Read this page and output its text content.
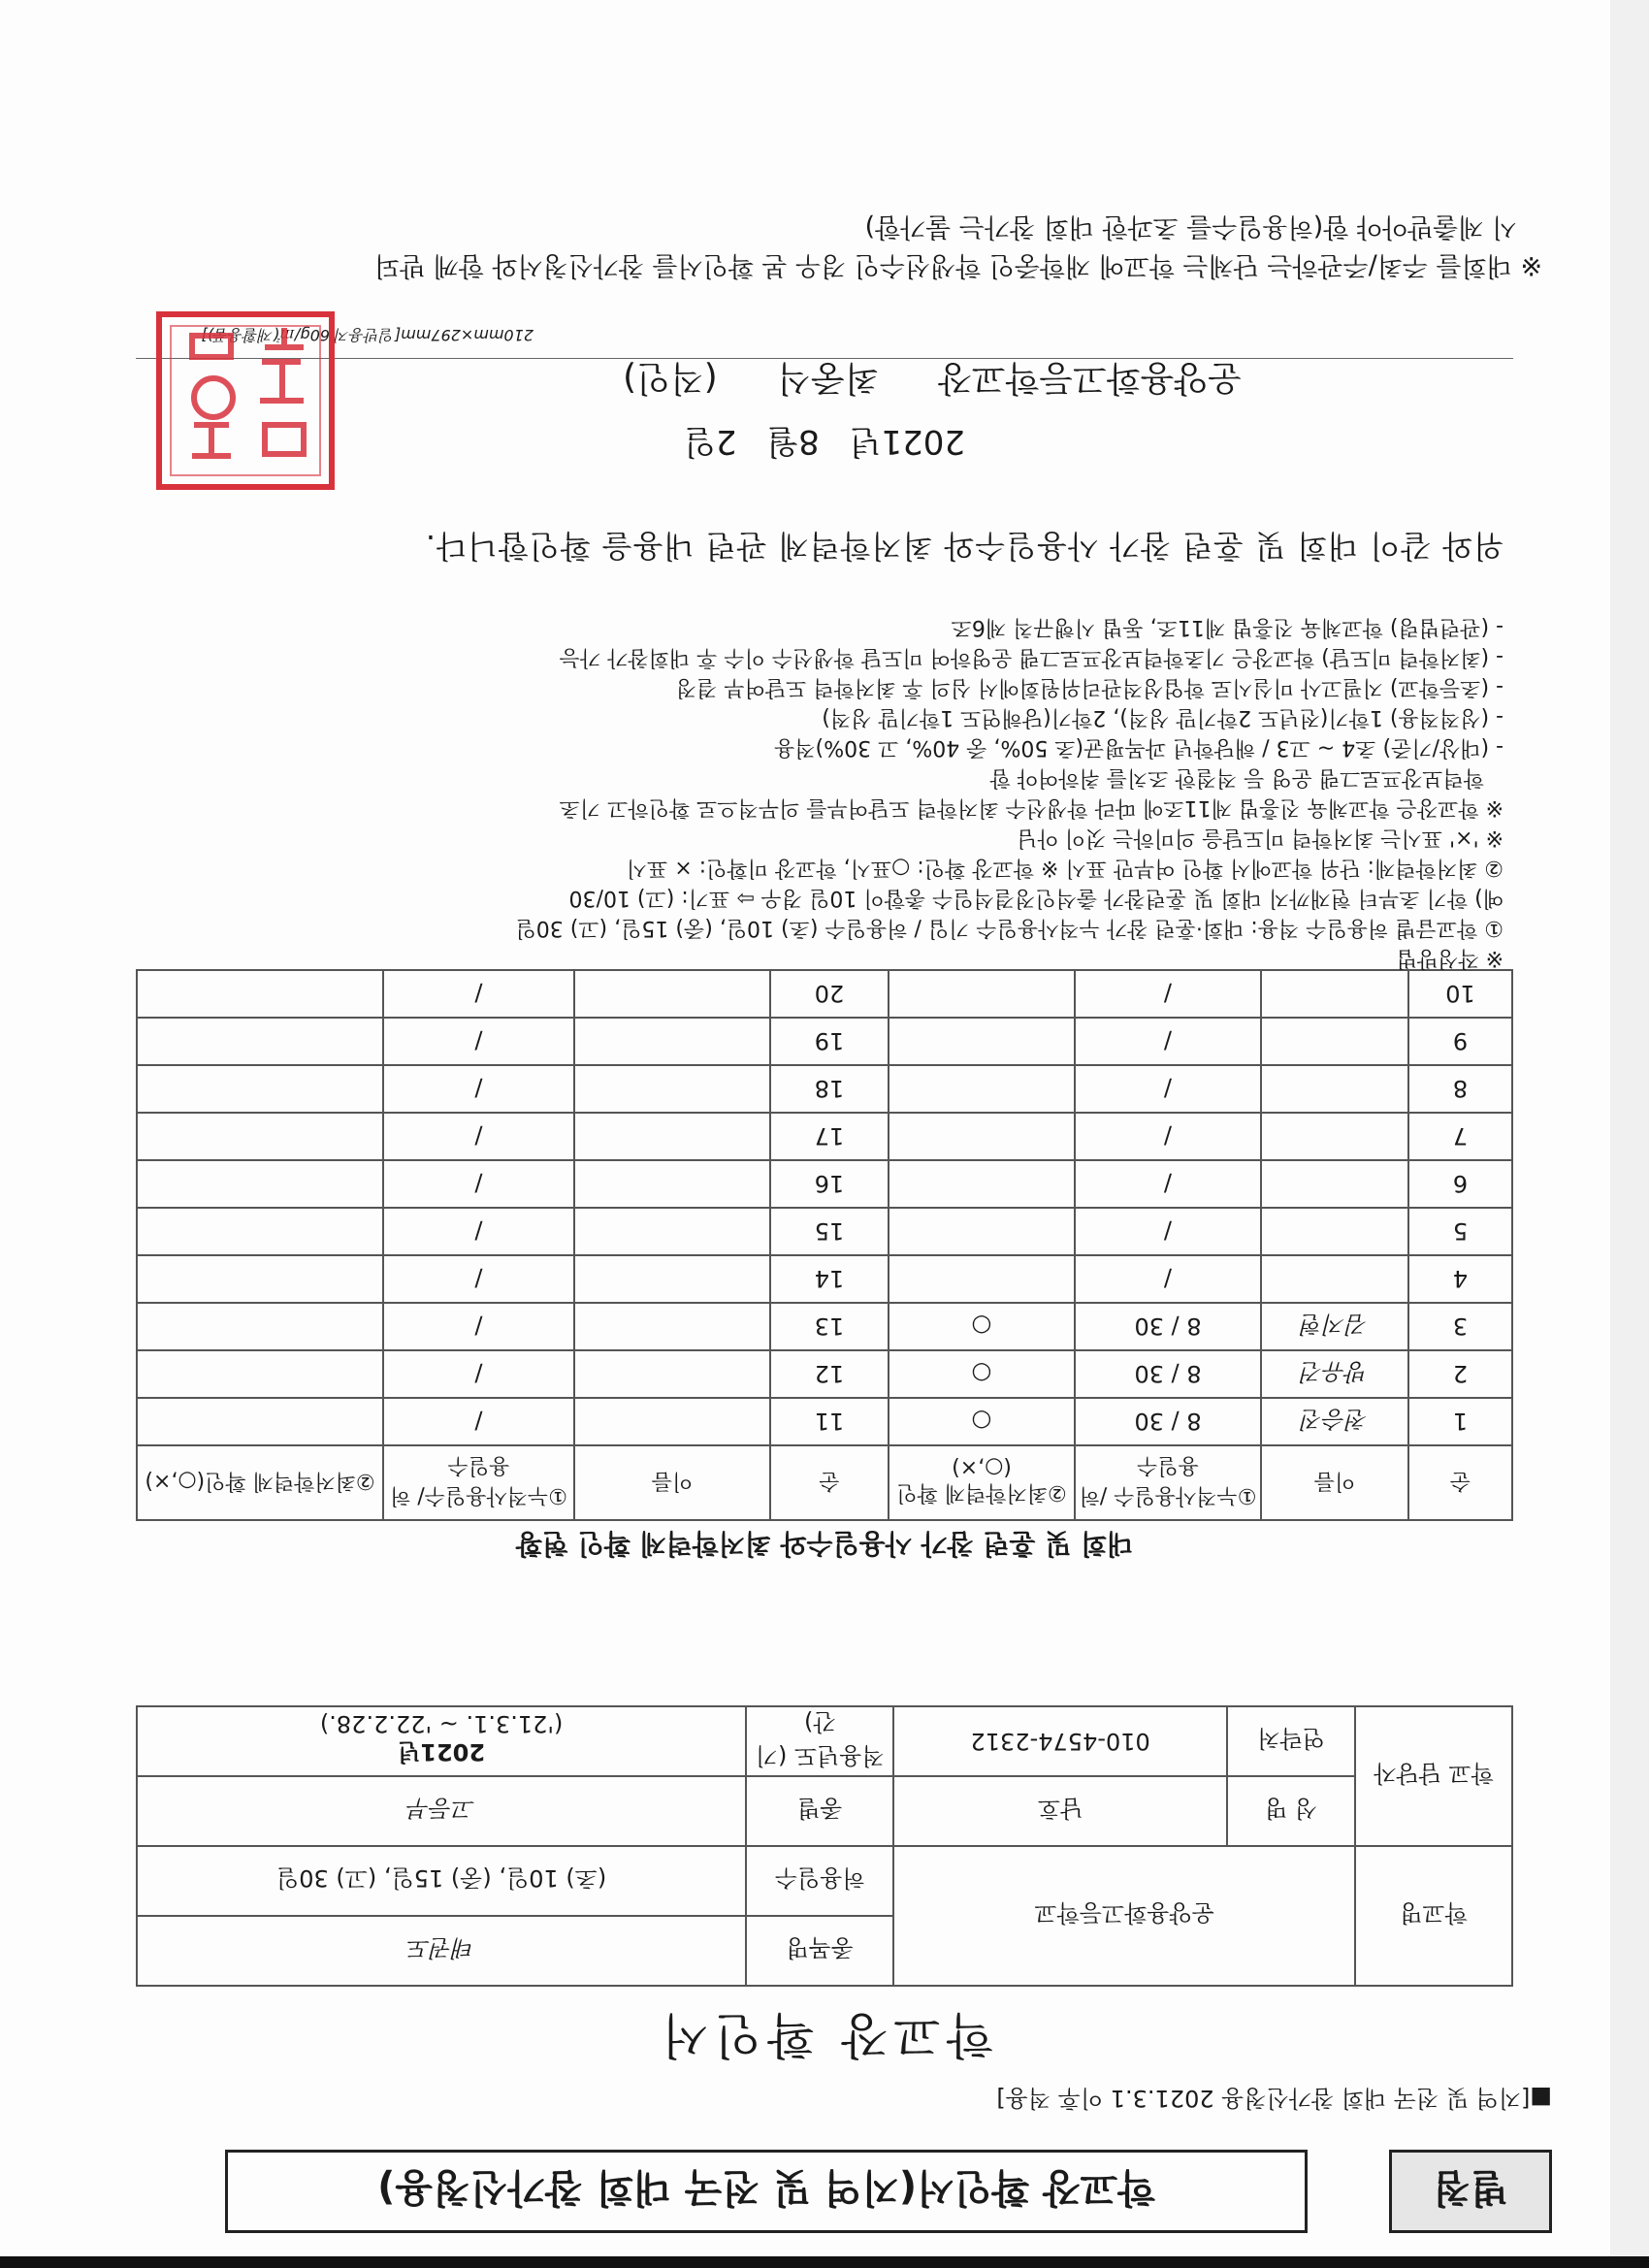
별첨
학교장 확인서(지역 및 전국 대회 참가신청용)
■[지역 및 전국 대회 참가신청용 2021.3.1 이후 적용]
학교장 확인서
학교명	운양용화고등학교		종목명	태권도
			허용일수	(초) 10일, (중) 15일, (고) 30일
학교 담당자	성 명	남호	종별	고등부
	연락처	010-4574-2312	적용년도 (기간)	2021년
('21.3.1. ~ '22.2.28.)
대회 및 훈련 참가 사용일수와 최저학력제 확인 현황
순	이름	①누적사용일수 /허용일수	②최저학력제 확인(○,×)	순	이름	①누적사용일수/ 허용일수	②최저학력제 확인(○,×)
1	천승진	8 / 30	○	11		/	
2	방유건	8 / 30	○	12		/	
3	김지현	8 / 30	○	13		/	
4		/		14		/	
5		/		15		/	
6		/		16		/	
7		/		17		/	
8		/		18		/	
9		/		19		/	
10		/		20		/	

※ 작성방법

① 학교급별 허용일수 적용: 대회·훈련 참가 누적사용일수 기입 / 허용일수 (초) 10일, (중) 15일, (고) 30일

예) 학기 초부터 현재까지 대회 및 훈련참가 출석인정결석일수 총합이 10일 경우 ⇨ 표기: (고) 10/30

② 최저학력제: 단위 학교에서 확인 여부만 표시 ※ 학교장 확인: ○표시, 학교장 미확인: × 표시

※ '×' 표시는 최저학력 미도달을 의미하는 것이 아님

※ 학교장은 학교체육 진흥법 제11조에 따라 학생선수 최저학력 도달여부를 의무적으로 확인하고 기초

학력보장프로그램 운영 등 적절한 조치를 취하여야 함

- (대상/기준) 초4 ~ 고3 / 해당학년 과목평균(초 50%, 중 40%, 고 30%)적용

- (성적적용) 1학기(전년도 2학기말 성적), 2학기(당해연도 1학기말 성적)

- (초등학교) 지필고사 미실시로 학업성적관리위원회에서 심의 후 최저학력 도달여부 결정

- (최저학력 미도달) 학교장은 기초학력보장프로그램 운영하여 미도달 학생선수 이수 후 대회참가 가능

- (관련법령) 학교체육 진흥법 제11조, 동법 시행규칙 제6조

위와 같이 대회 및 훈련 참가 사용일수와 최저학력제 관련 내용을 확인합니다.
2021년 8월 2일
운양용화고등학교장 최중식 (직인)
210mm×297mm[일반용지 60g/㎡(재활용품)]

※ 대회를 주최/주관하는 단체는 학교에 재학중인 학생선수인 경우 본 확인서를 참가신청서와 함께 받되

시 제출받아야 함(허용일수를 초과한 대회 참가는 불가함)
